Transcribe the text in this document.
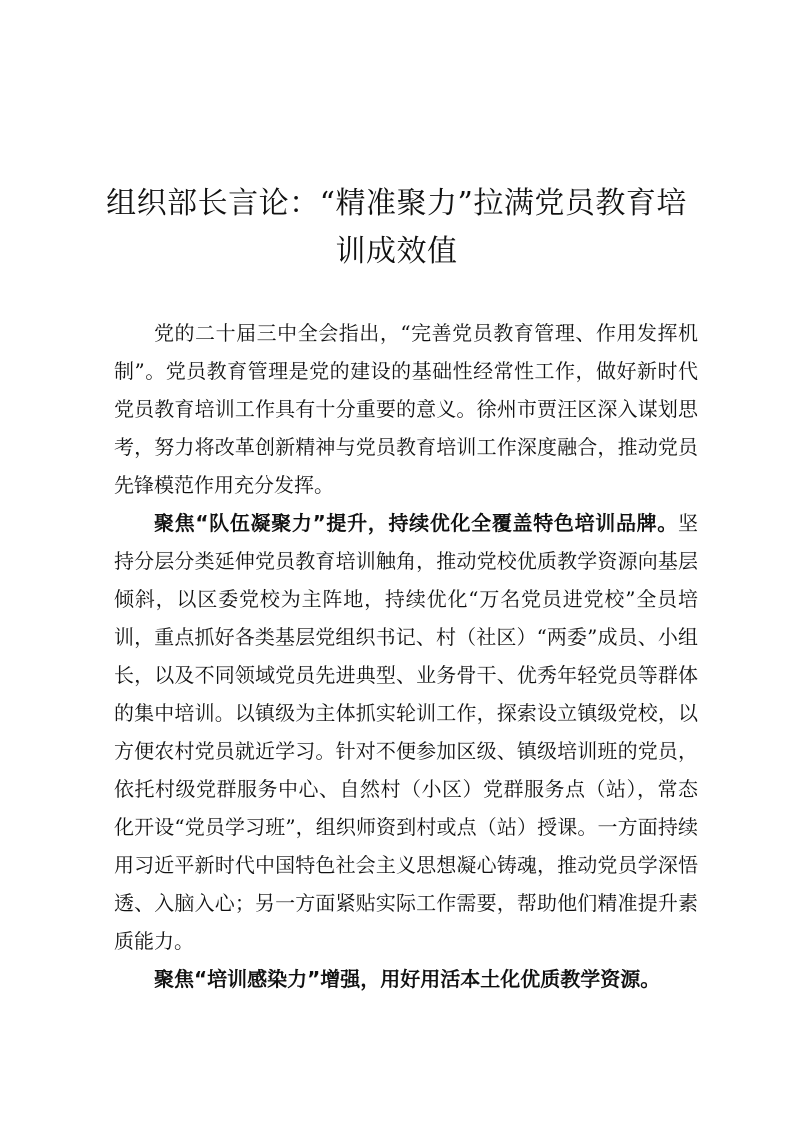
组织部长言论：“精准聚力”拉满党员教育培训成效值

党的二十届三中全会指出，“完善党员教育管理、作用发挥机制”。党员教育管理是党的建设的基础性经常性工作，做好新时代党员教育培训工作具有十分重要的意义。徐州市贾汪区深入谋划思考，努力将改革创新精神与党员教育培训工作深度融合，推动党员先锋模范作用充分发挥。

聚焦“队伍凝聚力”提升，持续优化全覆盖特色培训品牌。坚持分层分类延伸党员教育培训触角，推动党校优质教学资源向基层倾斜，以区委党校为主阵地，持续优化“万名党员进党校”全员培训，重点抓好各类基层党组织书记、村（社区）“两委”成员、小组长，以及不同领域党员先进典型、业务骨干、优秀年轻党员等群体的集中培训。以镇级为主体抓实轮训工作，探索设立镇级党校，以方便农村党员就近学习。针对不便参加区级、镇级培训班的党员，依托村级党群服务中心、自然村（小区）党群服务点（站），常态化开设“党员学习班”，组织师资到村或点（站）授课。一方面持续用习近平新时代中国特色社会主义思想凝心铸魂，推动党员学深悟透、入脑入心；另一方面紧贴实际工作需要，帮助他们精准提升素质能力。

聚焦“培训感染力”增强，用好用活本土化优质教学资源。
